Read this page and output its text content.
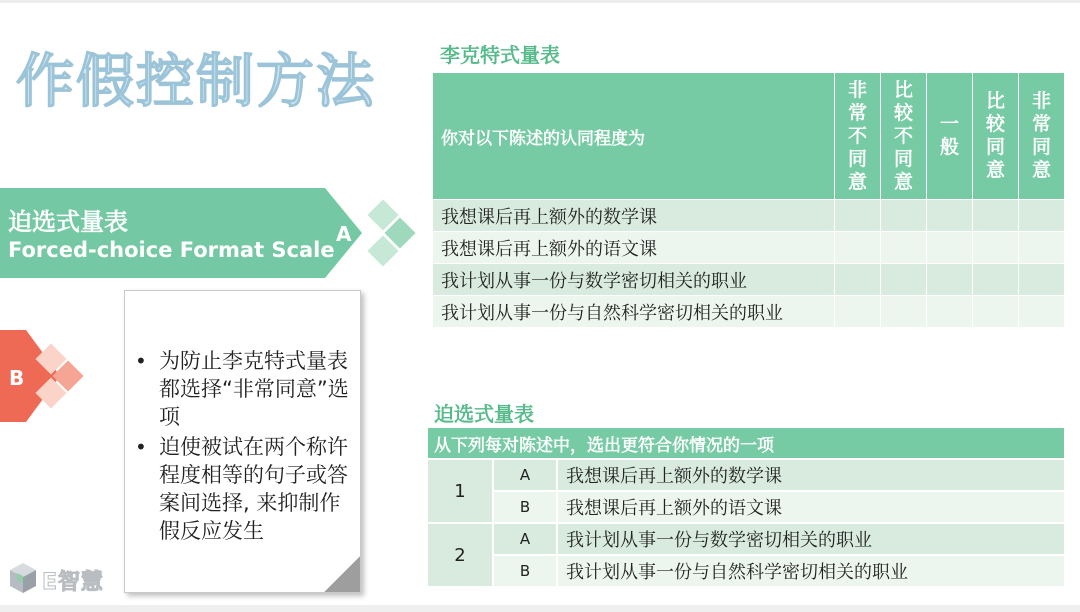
作假控制方法
迫选式量表
Forced-choice Format Scale
A
B
• 为防止李克特式量表都选择“非常同意”选项
• 迫使被试在两个称许程度相等的句子或答案间选择, 来抑制作假反应发生
E智慧
李克特式量表
你对以下陈述的认同程度为	非常不同意	比较不同意	一般	比较同意	非常同意
我想课后再上额外的数学课					
我想课后再上额外的语文课					
我计划从事一份与数学密切相关的职业					
我计划从事一份与自然科学密切相关的职业					
迫选式量表
从下列每对陈述中，选出更符合你情况的一项		
1	A	我想课后再上额外的数学课
	B	我想课后再上额外的语文课
2	A	我计划从事一份与数学密切相关的职业
	B	我计划从事一份与自然科学密切相关的职业
